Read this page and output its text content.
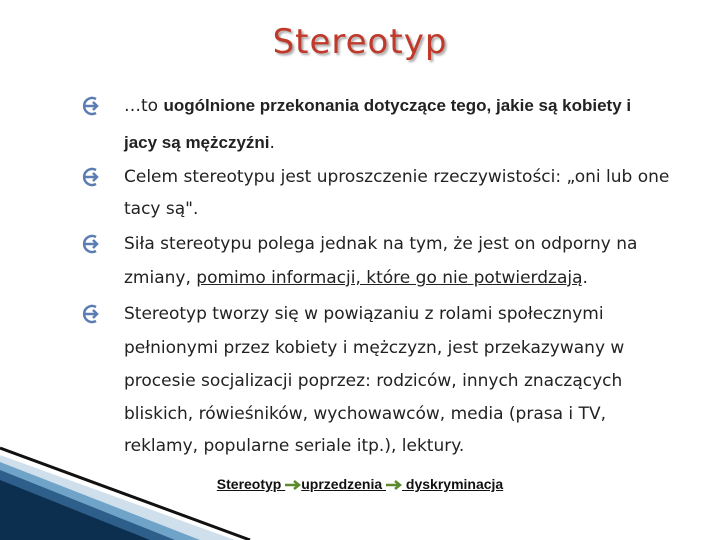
Stereotyp
…to uogólnione przekonania dotyczące tego, jakie są kobiety i
jacy są mężczyźni.
Celem stereotypu jest uproszczenie rzeczywistości: „oni lub one
tacy są".
Siła stereotypu polega jednak na tym, że jest on odporny na
zmiany, pomimo informacji, które go nie potwierdzają.
Stereotyp tworzy się w powiązaniu z rolami społecznymi
pełnionymi przez kobiety i mężczyzn, jest przekazywany w
procesie socjalizacji poprzez: rodziców, innych znaczących
bliskich, rówieśników, wychowawców, media (prasa i TV,
reklamy, popularne seriale itp.), lektury.
Stereotyp uprzedzenia  dyskryminacja
